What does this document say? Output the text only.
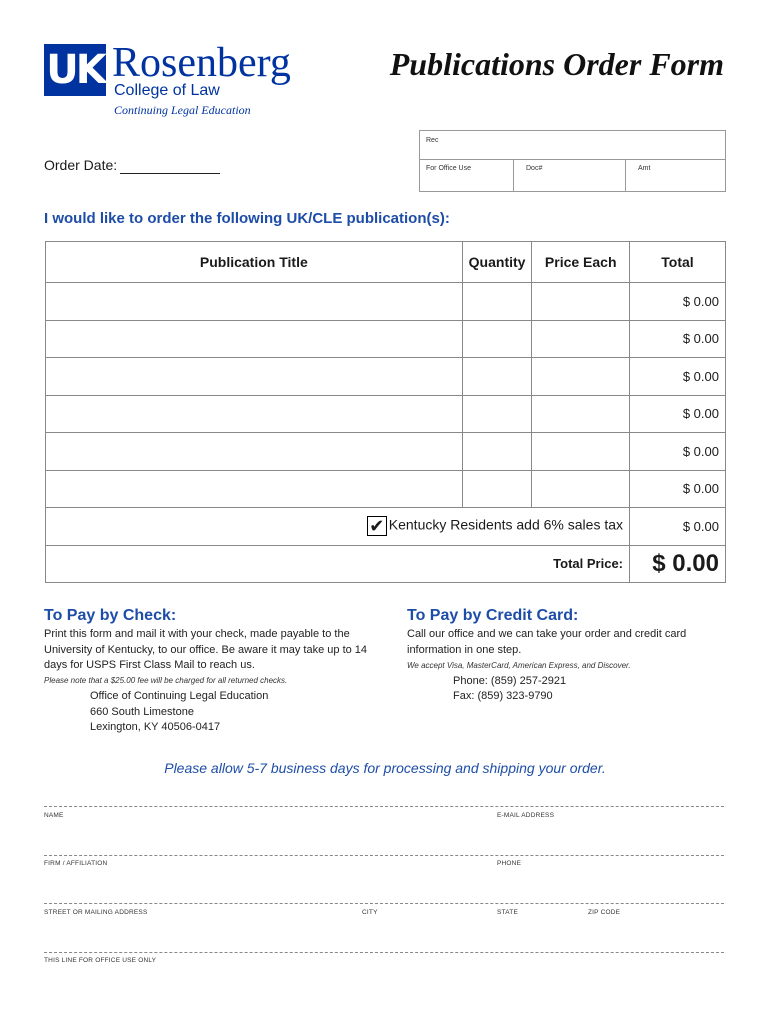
UK Rosenberg
College of Law
Continuing Legal Education
Publications Order Form
Rec
For Office Use	Doc#	Amt
Order Date:
I would like to order the following UK/CLE publication(s):
Publication Title	Quantity	Price Each	Total
			$ 0.00
			$ 0.00
			$ 0.00
			$ 0.00
			$ 0.00
			$ 0.00
✔ Kentucky Residents add 6% sales tax			$ 0.00
Total Price:			$ 0.00
To Pay by Check:
Print this form and mail it with your check, made payable to the University of Kentucky, to our office. Be aware it may take up to 14 days for USPS First Class Mail to reach us.
Please note that a $25.00 fee will be charged for all returned checks.
Office of Continuing Legal Education
660 South Limestone
Lexington, KY 40506-0417
To Pay by Credit Card:
Call our office and we can take your order and credit card information in one step.
We accept Visa, MasterCard, American Express, and Discover.
Phone: (859) 257-2921
Fax: (859) 323-9790
Please allow 5-7 business days for processing and shipping your order.
NAME	E-MAIL ADDRESS
FIRM / AFFILIATION	PHONE
STREET OR MAILING ADDRESS	CITY	STATE	ZIP CODE
THIS LINE FOR OFFICE USE ONLY
